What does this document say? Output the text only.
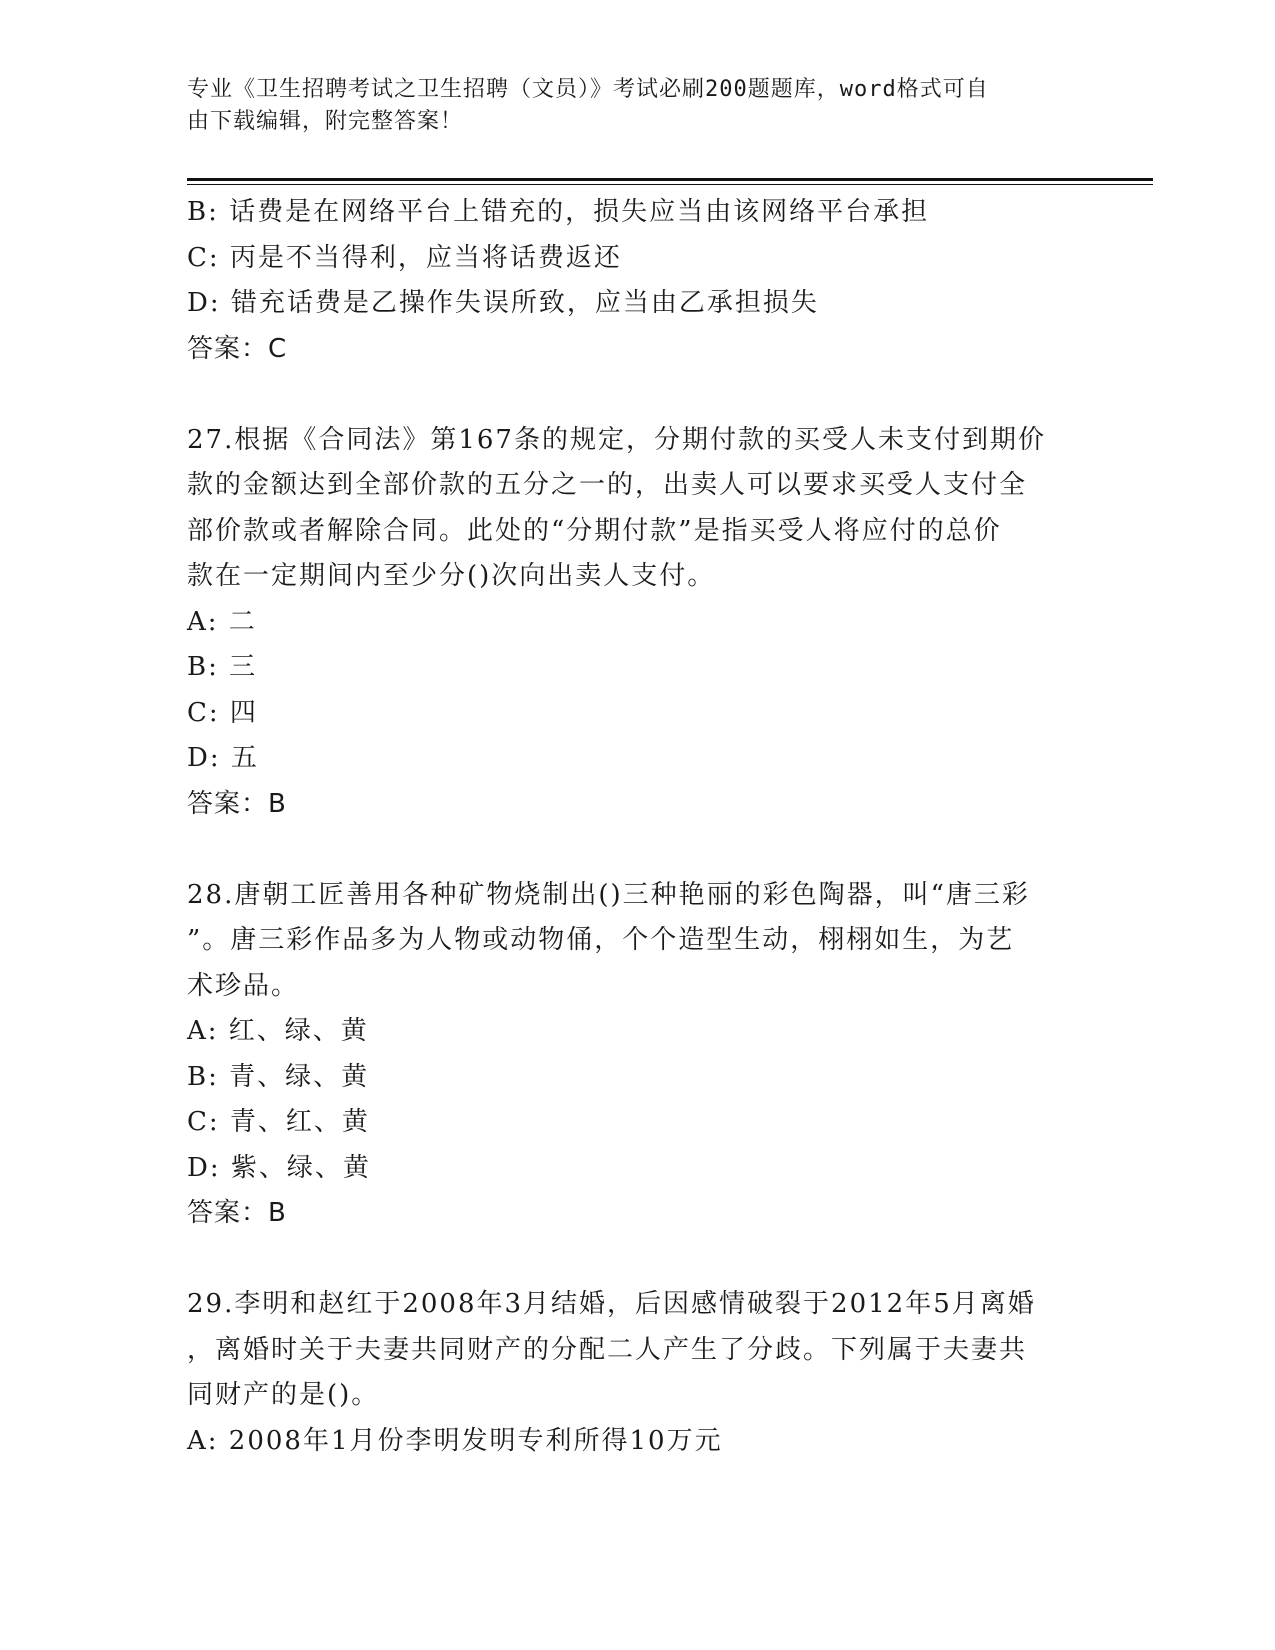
专业《卫生招聘考试之卫生招聘（文员）》考试必刷200题题库，word格式可自
由下载编辑，附完整答案！
B: 话费是在网络平台上错充的，损失应当由该网络平台承担
C: 丙是不当得利，应当将话费返还
D: 错充话费是乙操作失误所致，应当由乙承担损失
答案：C
27.根据《合同法》第167条的规定，分期付款的买受人未支付到期价
款的金额达到全部价款的五分之一的，出卖人可以要求买受人支付全
部价款或者解除合同。此处的“分期付款”是指买受人将应付的总价
款在一定期间内至少分()次向出卖人支付。
A: 二
B: 三
C: 四
D: 五
答案：B
28.唐朝工匠善用各种矿物烧制出()三种艳丽的彩色陶器，叫“唐三彩
”。唐三彩作品多为人物或动物俑，个个造型生动，栩栩如生，为艺
术珍品。
A: 红、绿、黄
B: 青、绿、黄
C: 青、红、黄
D: 紫、绿、黄
答案：B
29.李明和赵红于2008年3月结婚，后因感情破裂于2012年5月离婚
，离婚时关于夫妻共同财产的分配二人产生了分歧。下列属于夫妻共
同财产的是()。
A: 2008年1月份李明发明专利所得10万元
